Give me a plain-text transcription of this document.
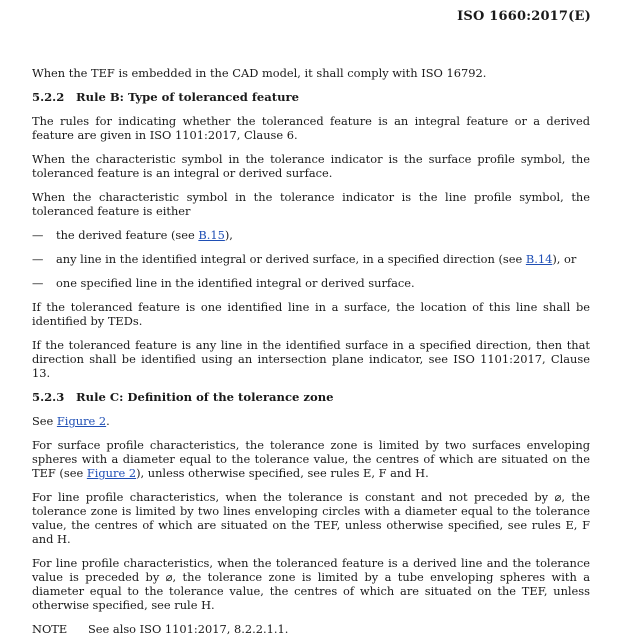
ISO 1660:2017(E)

When the TEF is embedded in the CAD model, it shall comply with ISO 16792.

5.2.2 Rule B: Type of toleranced feature

The rules for indicating whether the toleranced feature is an integral feature or a derived feature are given in ISO 1101:2017, Clause 6.

When the characteristic symbol in the tolerance indicator is the surface profile symbol, the toleranced feature is an integral or derived surface.

When the characteristic symbol in the tolerance indicator is the line profile symbol, the toleranced feature is either

—	the derived feature (see B.15),
—	any line in the identified integral or derived surface, in a specified direction (see B.14), or
—	one specified line in the identified integral or derived surface.

If the toleranced feature is one identified line in a surface, the location of this line shall be identified by TEDs.

If the toleranced feature is any line in the identified surface in a specified direction, then that direction shall be identified using an intersection plane indicator, see ISO 1101:2017, Clause 13.

5.2.3 Rule C: Definition of the tolerance zone

See Figure 2.

For surface profile characteristics, the tolerance zone is limited by two surfaces enveloping spheres with a diameter equal to the tolerance value, the centres of which are situated on the TEF (see Figure 2), unless otherwise specified, see rules E, F and H.

For line profile characteristics, when the tolerance is constant and not preceded by ⌀, the tolerance zone is limited by two lines enveloping circles with a diameter equal to the tolerance value, the centres of which are situated on the TEF, unless otherwise specified, see rules E, F and H.

For line profile characteristics, when the toleranced feature is a derived line and the tolerance value is preceded by ⌀, the tolerance zone is limited by a tube enveloping spheres with a diameter equal to the tolerance value, the centres of which are situated on the TEF, unless otherwise specified, see rule H.

NOTE	See also ISO 1101:2017, 8.2.2.1.1.
